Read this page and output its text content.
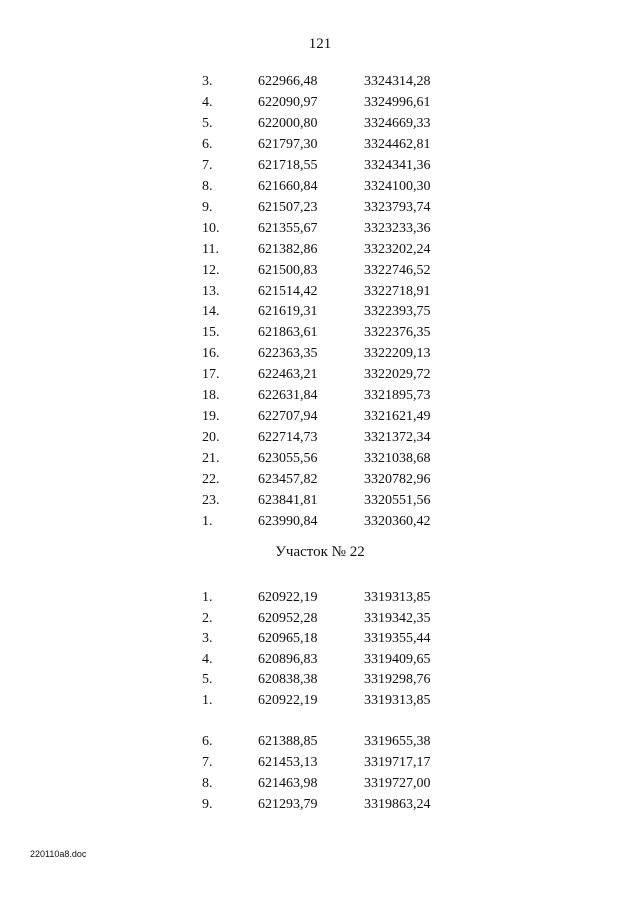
121
3.	622966,48	3324314,28
4.	622090,97	3324996,61
5.	622000,80	3324669,33
6.	621797,30	3324462,81
7.	621718,55	3324341,36
8.	621660,84	3324100,30
9.	621507,23	3323793,74
10.	621355,67	3323233,36
11.	621382,86	3323202,24
12.	621500,83	3322746,52
13.	621514,42	3322718,91
14.	621619,31	3322393,75
15.	621863,61	3322376,35
16.	622363,35	3322209,13
17.	622463,21	3322029,72
18.	622631,84	3321895,73
19.	622707,94	3321621,49
20.	622714,73	3321372,34
21.	623055,56	3321038,68
22.	623457,82	3320782,96
23.	623841,81	3320551,56
1.	623990,84	3320360,42
Участок № 22
1.	620922,19	3319313,85
2.	620952,28	3319342,35
3.	620965,18	3319355,44
4.	620896,83	3319409,65
5.	620838,38	3319298,76
1.	620922,19	3319313,85
6.	621388,85	3319655,38
7.	621453,13	3319717,17
8.	621463,98	3319727,00
9.	621293,79	3319863,24
220110a8.doc
